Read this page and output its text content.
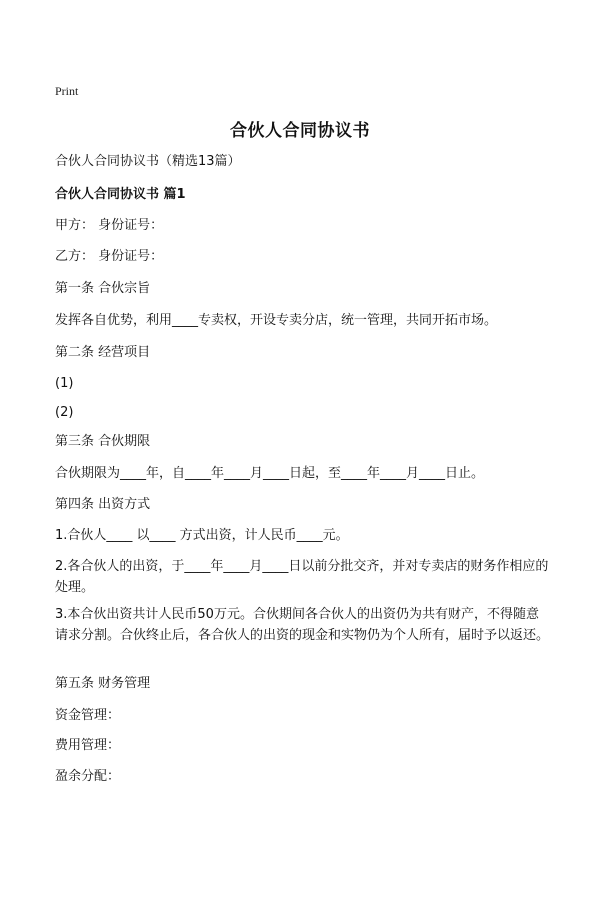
Print
合伙人合同协议书
合伙人合同协议书（精选13篇）
合伙人合同协议书 篇1
甲方： 身份证号：
乙方： 身份证号：
第一条 合伙宗旨
发挥各自优势，利用____专卖权，开设专卖分店，统一管理，共同开拓市场。
第二条 经营项目
(1)
(2)
第三条 合伙期限
合伙期限为____年，自____年____月____日起，至____年____月____日止。
第四条 出资方式
1.合伙人____ 以____ 方式出资，计人民币____元。
2.各合伙人的出资，于____年____月____日以前分批交齐，并对专卖店的财务作相应的处理。
3.本合伙出资共计人民币50万元。合伙期间各合伙人的出资仍为共有财产，不得随意请求分割。合伙终止后，各合伙人的出资的现金和实物仍为个人所有，届时予以返还。
第五条 财务管理
资金管理：
费用管理：
盈余分配：
